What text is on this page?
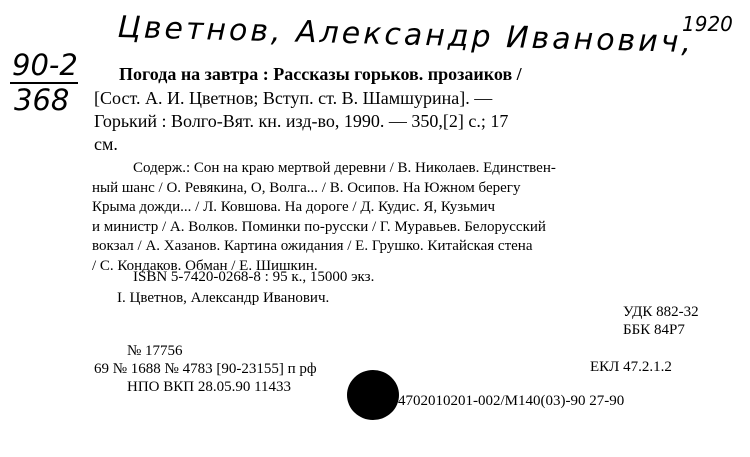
Цветнов, Александр Иванович,
1920
90-2
368
Погода на завтра : Рассказы горьков. прозаиков /
[Сост. А. И. Цветнов; Вступ. ст. В. Шамшурина]. —
Горький : Волго-Вят. кн. изд-во, 1990. — 350,[2] с.; 17
см.
Содерж.: Сон на краю мертвой деревни / В. Николаев. Единствен-
ный шанс / О. Ревякина, О, Волга... / В. Осипов. На Южном берегу
Крыма дожди... / Л. Ковшова. На дороге / Д. Кудис. Я, Кузьмич
и министр / А. Волков. Поминки по-русски / Г. Муравьев. Белорусский
вокзал / А. Хазанов. Картина ожидания / Е. Грушко. Китайская стена
/ С. Кондаков. Обман / Е. Шишкин.
ISBN 5-7420-0268-8 : 95 к., 15000 экз.
I. Цветнов, Александр Иванович.
УДК 882-32
ББК 84Р7
ЕКЛ 47.2.1.2
№ 17756
69 № 1688 № 4783 [90-23155] п рф
НПО ВКП 28.05.90 11433
4702010201-002/М140(03)-90 27-90
